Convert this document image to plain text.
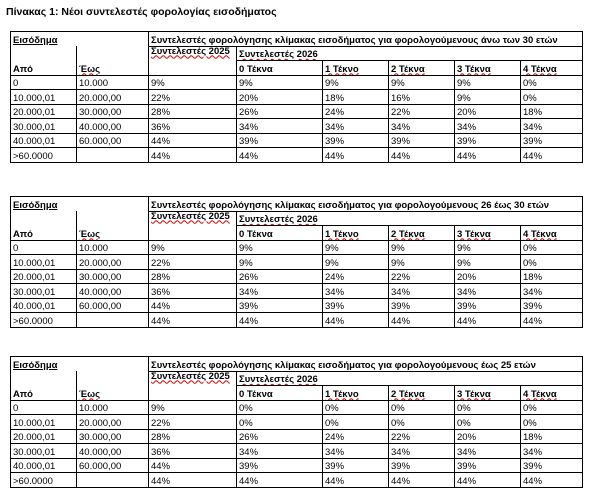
Πίνακας 1: Νέοι συντελεστές φορολογίας εισοδήματος
Εισόδημα		Συντελεστές φορολόγησης κλίμακας εισοδήματος για φορολογούμενους άνω των 30 ετών					
		Συντελεστές 2025	Συντελεστές 2026				
Από	Έως		0 Τέκνα	1 Τέκνο	2 Τέκνα	3 Τέκνα	4 Τέκνα
0	10.000	9%	9%	9%	9%	9%	0%
10.000,01	20.000,00	22%	20%	18%	16%	9%	0%
20.000,01	30.000,00	28%	26%	24%	22%	20%	18%
30.000,01	40.000,00	36%	34%	34%	34%	34%	34%
40.000,01	60.000,00	44%	39%	39%	39%	39%	39%
>60.0000		44%	44%	44%	44%	44%	44%
Εισόδημα		Συντελεστές φορολόγησης κλίμακας εισοδήματος για φορολογούμενους 26 έως 30 ετών					
		Συντελεστές 2025	Συντελεστές 2026				
Από	Έως		0 Τέκνα	1 Τέκνο	2 Τέκνα	3 Τέκνα	4 Τέκνα
0	10.000	9%	9%	9%	9%	9%	0%
10.000,01	20.000,00	22%	9%	9%	9%	9%	0%
20.000,01	30.000,00	28%	26%	24%	22%	20%	18%
30.000,01	40.000,00	36%	34%	34%	34%	34%	34%
40.000,01	60.000,00	44%	39%	39%	39%	39%	39%
>60.0000		44%	44%	44%	44%	44%	44%
Εισόδημα		Συντελεστές φορολόγησης κλίμακας εισοδήματος για φορολογούμενους έως 25 ετών					
		Συντελεστές 2025	Συντελεστές 2026				
Από	Έως		0 Τέκνα	1 Τέκνο	2 Τέκνα	3 Τέκνα	4 Τέκνα
0	10.000	9%	0%	0%	0%	0%	0%
10.000,01	20.000,00	22%	0%	0%	0%	0%	0%
20.000,01	30.000,00	28%	26%	24%	22%	20%	18%
30.000,01	40.000,00	36%	34%	34%	34%	34%	34%
40.000,01	60.000,00	44%	39%	39%	39%	39%	39%
>60.0000		44%	44%	44%	44%	44%	44%
